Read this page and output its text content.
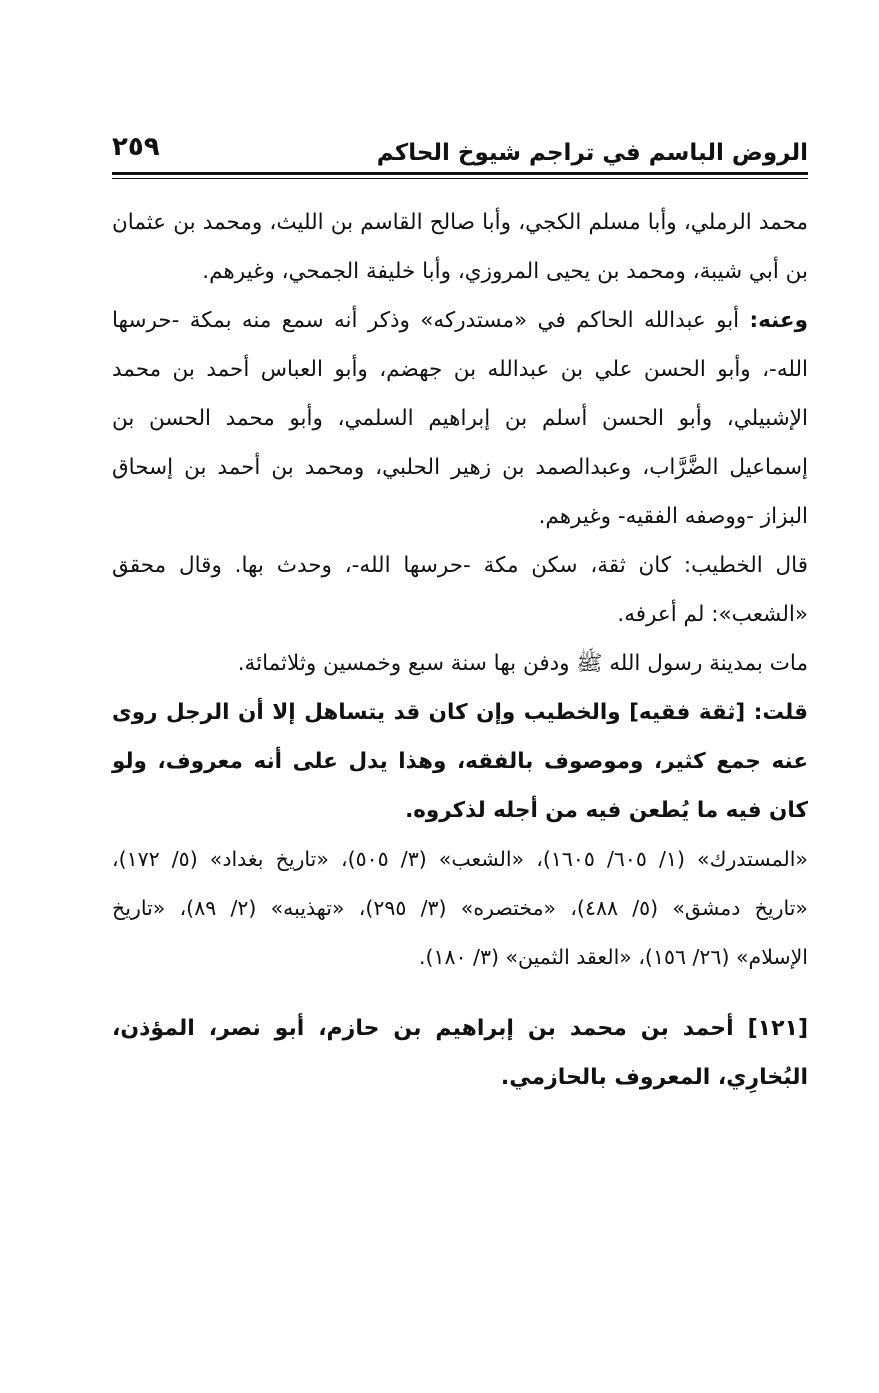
الروض الباسم في تراجم شيوخ الحاكم
٢٥٩

محمد الرملي، وأبا مسلم الكجي، وأبا صالح القاسم بن الليث، ومحمد بن عثمان بن أبي شيبة، ومحمد بن يحيى المروزي، وأبا خليفة الجمحي، وغيرهم.

وعنه: أبو عبدالله الحاكم في «مستدركه» وذكر أنه سمع منه بمكة -حرسها الله-، وأبو الحسن علي بن عبدالله بن جهضم، وأبو العباس أحمد بن محمد الإشبيلي، وأبو الحسن أسلم بن إبراهيم السلمي، وأبو محمد الحسن بن إسماعيل الضَّرَّاب، وعبدالصمد بن زهير الحلبي، ومحمد بن أحمد بن إسحاق البزاز -ووصفه الفقيه- وغيرهم.

قال الخطيب: كان ثقة، سكن مكة -حرسها الله-، وحدث بها. وقال محقق «الشعب»: لم أعرفه.

مات بمدينة رسول الله ﷺ ودفن بها سنة سبع وخمسين وثلاثمائة.

قلت: [ثقة فقيه] والخطيب وإن كان قد يتساهل إلا أن الرجل روى عنه جمع كثير، وموصوف بالفقه، وهذا يدل على أنه معروف، ولو كان فيه ما يُطعن فيه من أجله لذكروه.

«المستدرك» (١/ ٦٠٥/ ١٦٠٥)، «الشعب» (٣/ ٥٠٥)، «تاريخ بغداد» (٥/ ١٧٢)، «تاريخ دمشق» (٥/ ٤٨٨)، «مختصره» (٣/ ٢٩٥)، «تهذيبه» (٢/ ٨٩)، «تاريخ الإسلام» (٢٦/ ١٥٦)، «العقد الثمين» (٣/ ١٨٠).

[١٢١] أحمد بن محمد بن إبراهيم بن حازم، أبو نصر، المؤذن، البُخارِي، المعروف بالحازمي.
